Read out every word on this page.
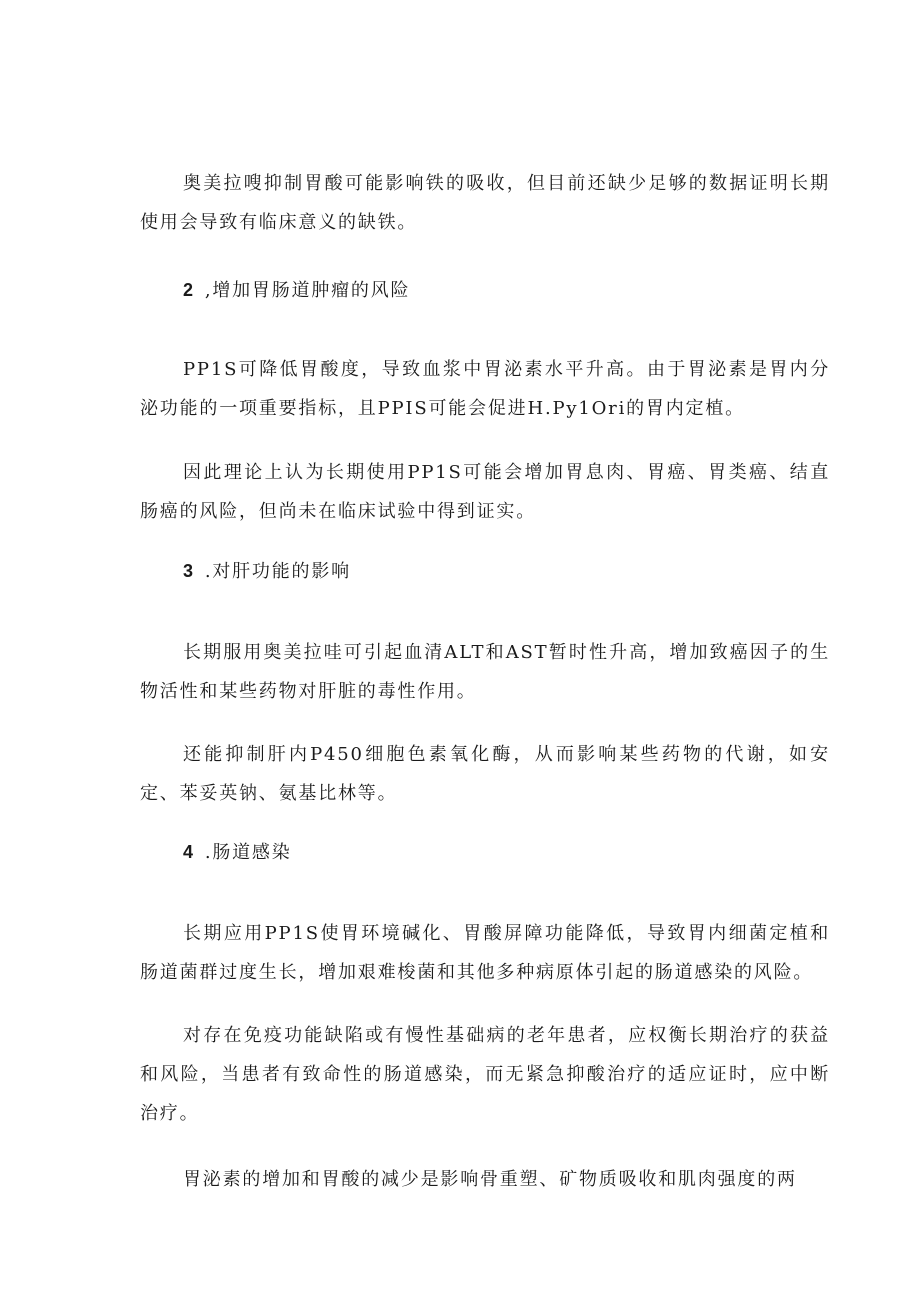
奥美拉嗖抑制胃酸可能影响铁的吸收，但目前还缺少足够的数据证明长期使用会导致有临床意义的缺铁。

2 ,增加胃肠道肿瘤的风险

PP1S可降低胃酸度，导致血浆中胃泌素水平升高。由于胃泌素是胃内分泌功能的一项重要指标，且PPIS可能会促进H.Py1Ori的胃内定植。

因此理论上认为长期使用PP1S可能会增加胃息肉、胃癌、胃类癌、结直肠癌的风险，但尚未在临床试验中得到证实。

3 .对肝功能的影响

长期服用奥美拉哇可引起血清ALT和AST暂时性升高，增加致癌因子的生物活性和某些药物对肝脏的毒性作用。

还能抑制肝内P450细胞色素氧化酶，从而影响某些药物的代谢，如安定、苯妥英钠、氨基比林等。

4 .肠道感染

长期应用PP1S使胃环境碱化、胃酸屏障功能降低，导致胃内细菌定植和肠道菌群过度生长，增加艰难梭菌和其他多种病原体引起的肠道感染的风险。

对存在免疫功能缺陷或有慢性基础病的老年患者，应权衡长期治疗的获益和风险，当患者有致命性的肠道感染，而无紧急抑酸治疗的适应证时，应中断治疗。

胃泌素的增加和胃酸的减少是影响骨重塑、矿物质吸收和肌肉强度的两
